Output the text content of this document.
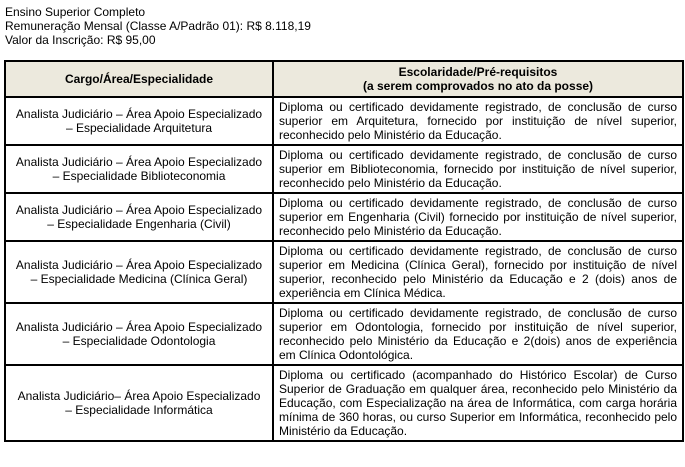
Ensino Superior Completo
Remuneração Mensal (Classe A/Padrão 01): R$ 8.118,19
Valor da Inscrição: R$ 95,00
Cargo/Área/Especialidade	Escolaridade/Pré-requisitos
(a serem comprovados no ato da posse)

Analista Judiciário – Área Apoio Especializado – Especialidade Arquitetura	Diploma ou certificado devidamente registrado, de conclusão de curso superior em Arquitetura, fornecido por instituição de nível superior, reconhecido pelo Ministério da Educação.
Analista Judiciário – Área Apoio Especializado – Especialidade Biblioteconomia	Diploma ou certificado devidamente registrado, de conclusão de curso superior em Biblioteconomia, fornecido por instituição de nível superior, reconhecido pelo Ministério da Educação.
Analista Judiciário – Área Apoio Especializado – Especialidade Engenharia (Civil)	Diploma ou certificado devidamente registrado, de conclusão de curso superior em Engenharia (Civil) fornecido por instituição de nível superior, reconhecido pelo Ministério da Educação.
Analista Judiciário – Área Apoio Especializado – Especialidade Medicina (Clínica Geral)	Diploma ou certificado devidamente registrado, de conclusão de curso superior em Medicina (Clínica Geral), fornecido por instituição de nível superior, reconhecido pelo Ministério da Educação e 2 (dois) anos de experiência em Clínica Médica.
Analista Judiciário – Área Apoio Especializado – Especialidade Odontologia	Diploma ou certificado devidamente registrado, de conclusão de curso superior em Odontologia, fornecido por instituição de nível superior, reconhecido pelo Ministério da Educação e 2(dois) anos de experiência em Clínica Odontológica.
Analista Judiciário– Área Apoio Especializado – Especialidade Informática	Diploma ou certificado (acompanhado do Histórico Escolar) de Curso Superior de Graduação em qualquer área, reconhecido pelo Ministério da Educação, com Especialização na área de Informática, com carga horária mínima de 360 horas, ou curso Superior em Informática, reconhecido pelo Ministério da Educação.
